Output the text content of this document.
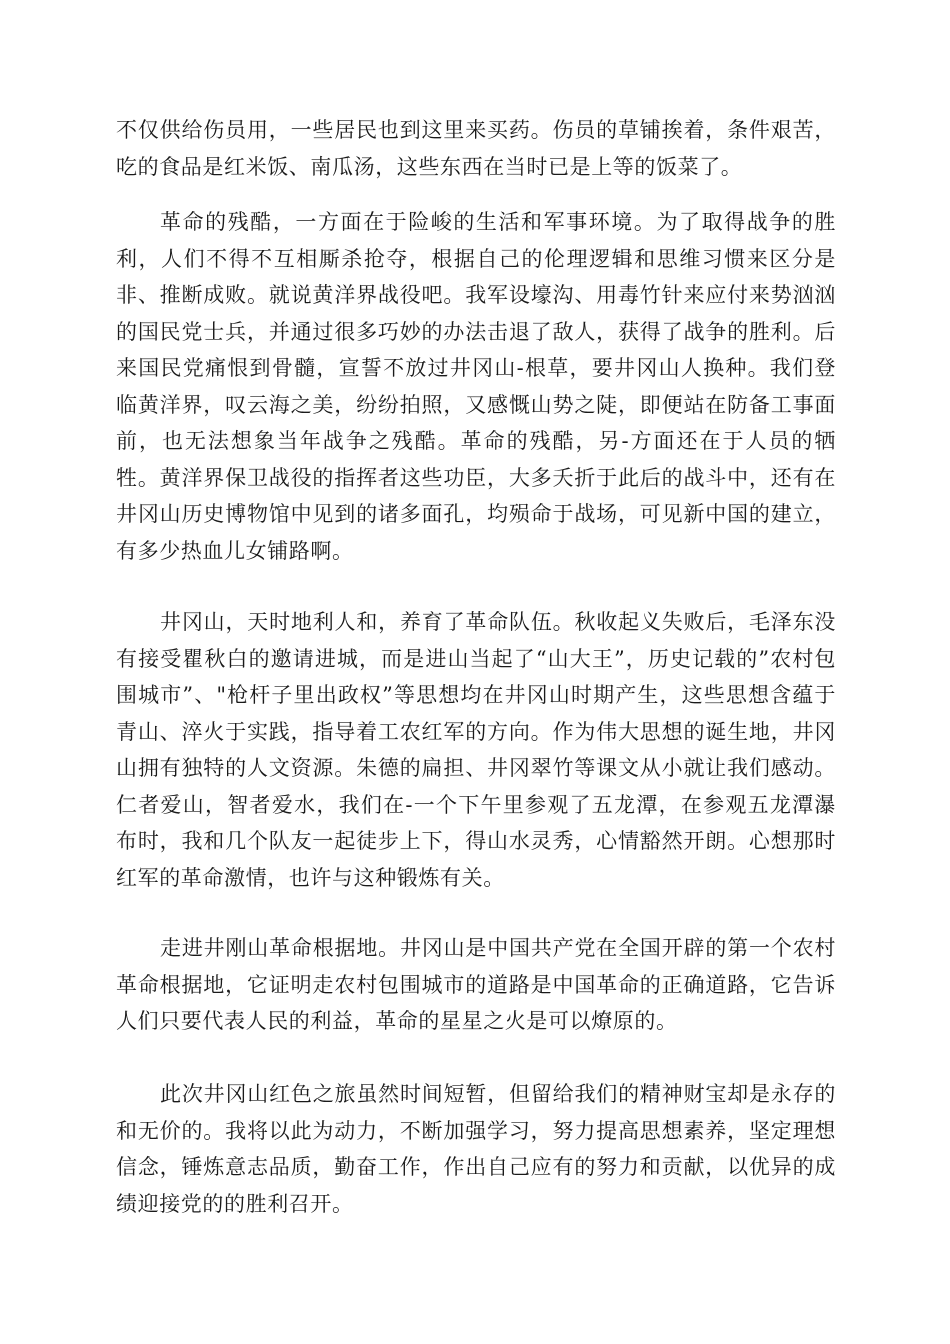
不仅供给伤员用，一些居民也到这里来买药。伤员的草铺挨着，条件艰苦，吃的食品是红米饭、南瓜汤，这些东西在当时已是上等的饭菜了。

革命的残酷，一方面在于险峻的生活和军事环境。为了取得战争的胜利，人们不得不互相厮杀抢夺，根据自己的伦理逻辑和思维习惯来区分是非、推断成败。就说黄洋界战役吧。我军设壕沟、用毒竹针来应付来势汹汹的国民党士兵，并通过很多巧妙的办法击退了敌人，获得了战争的胜利。后来国民党痛恨到骨髓，宣誓不放过井冈山-根草，要井冈山人换种。我们登临黄洋界，叹云海之美，纷纷拍照，又感慨山势之陡，即便站在防备工事面前，也无法想象当年战争之残酷。革命的残酷，另-方面还在于人员的牺牲。黄洋界保卫战役的指挥者这些功臣，大多夭折于此后的战斗中，还有在井冈山历史博物馆中见到的诸多面孔，均殒命于战场，可见新中国的建立，有多少热血儿女铺路啊。

井冈山，天时地利人和，养育了革命队伍。秋收起义失败后，毛泽东没有接受瞿秋白的邀请进城，而是进山当起了“山大王”，历史记载的”农村包围城市”、"枪杆子里出政权”等思想均在井冈山时期产生，这些思想含蕴于青山、淬火于实践，指导着工农红军的方向。作为伟大思想的诞生地，井冈山拥有独特的人文资源。朱德的扁担、井冈翠竹等课文从小就让我们感动。仁者爱山，智者爱水，我们在-一个下午里参观了五龙潭，在参观五龙潭瀑布时，我和几个队友一起徒步上下，得山水灵秀，心情豁然开朗。心想那时红军的革命激情，也许与这种锻炼有关。

走进井刚山革命根据地。井冈山是中国共产党在全国开辟的第一个农村革命根据地，它证明走农村包围城市的道路是中国革命的正确道路，它告诉人们只要代表人民的利益，革命的星星之火是可以燎原的。

此次井冈山红色之旅虽然时间短暂，但留给我们的精神财宝却是永存的和无价的。我将以此为动力，不断加强学习，努力提高思想素养，坚定理想信念，锤炼意志品质，勤奋工作，作出自己应有的努力和贡献，以优异的成绩迎接党的的胜利召开。
